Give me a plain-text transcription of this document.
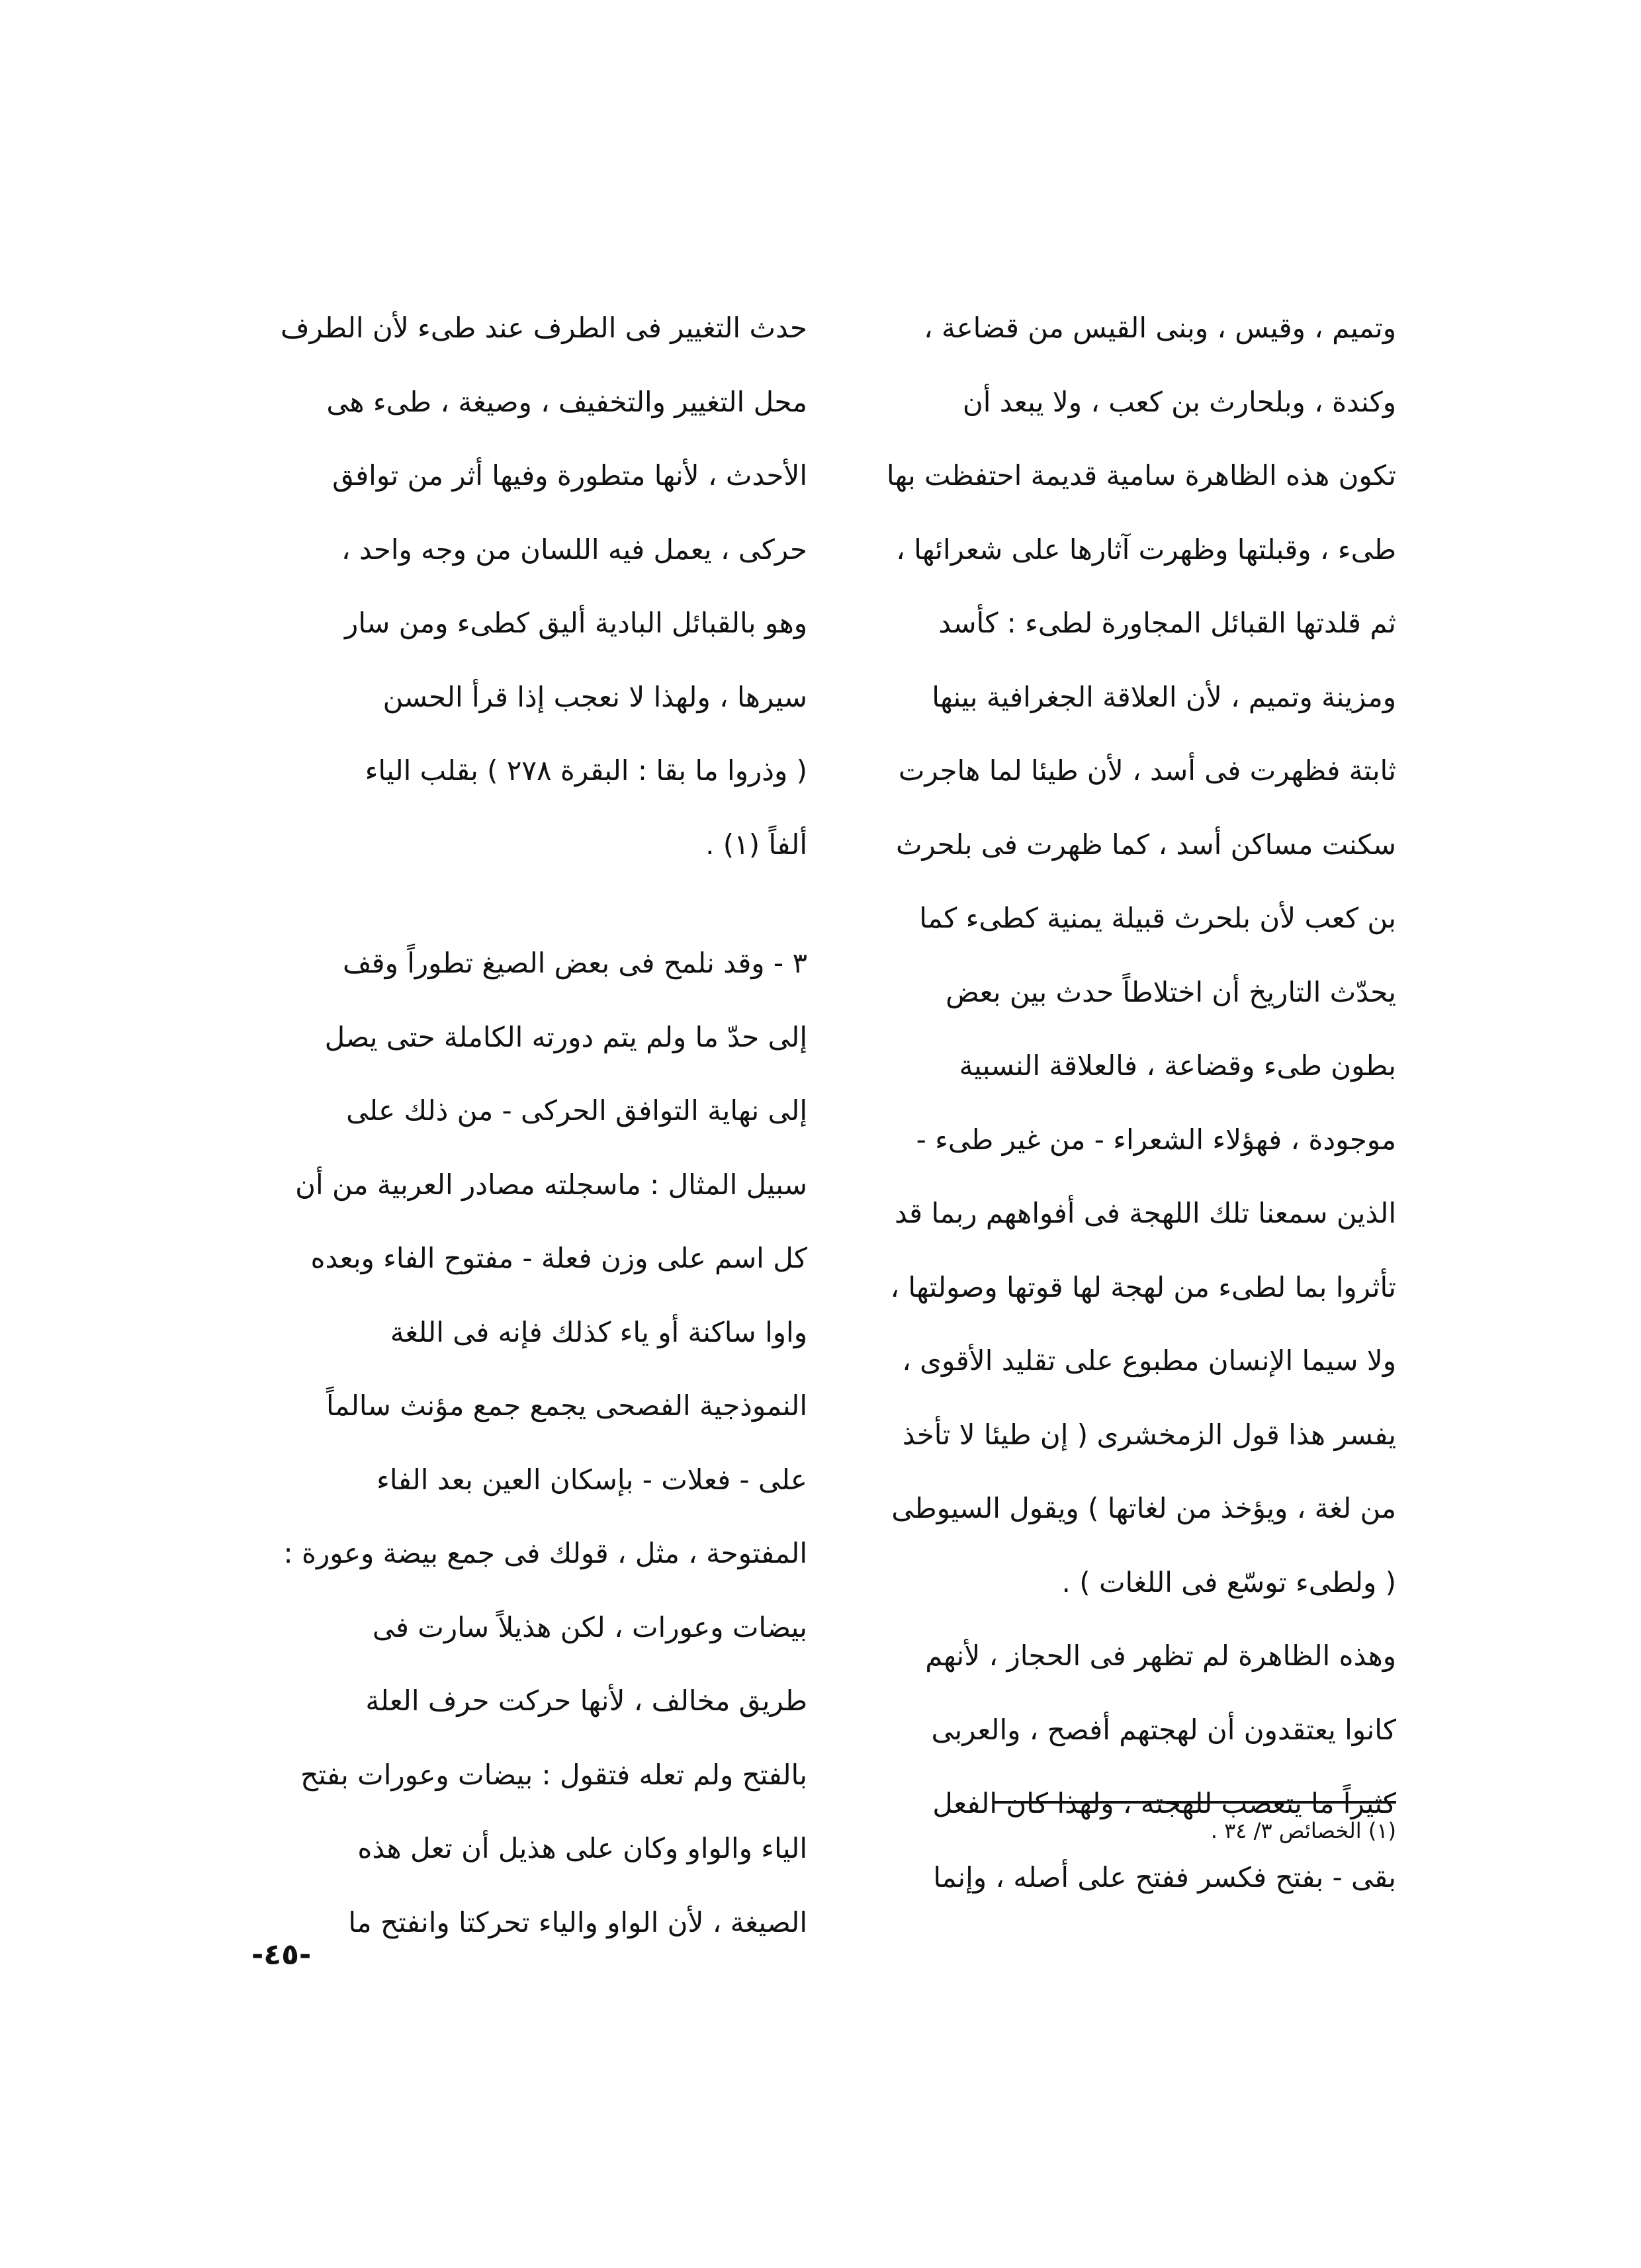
وتميم ، وقيس ، وبنى القيس من قضاعة ،
وكندة ، وبلحارث بن كعب ، ولا يبعد أن
تكون هذه الظاهرة سامية قديمة احتفظت بها
طىء ، وقبلتها وظهرت آثارها على شعرائها ،
ثم قلدتها القبائل المجاورة لطىء : كأسد
ومزينة وتميم ، لأن العلاقة الجغرافية بينها
ثابتة فظهرت فى أسد ، لأن طيئا لما هاجرت
سكنت مساكن أسد ، كما ظهرت فى بلحرث
بن كعب لأن بلحرث قبيلة يمنية كطىء كما
يحدّث التاريخ أن اختلاطاً حدث بين بعض
بطون طىء وقضاعة ، فالعلاقة النسبية
موجودة ، فهؤلاء الشعراء - من غير طىء -
الذين سمعنا تلك اللهجة فى أفواههم ربما قد
تأثروا بما لطىء من لهجة لها قوتها وصولتها ،
ولا سيما الإنسان مطبوع على تقليد الأقوى ،
يفسر هذا قول الزمخشرى ( إن طيئا لا تأخذ
من لغة ، ويؤخذ من لغاتها ) ويقول السيوطى
( ولطىء توسّع فى اللغات ) .
وهذه الظاهرة لم تظهر فى الحجاز ، لأنهم
كانوا يعتقدون أن لهجتهم أفصح ، والعربى
كثيراً ما يتعصب للهجته ، ولهذا كان الفعل
بقى - بفتح فكسر ففتح على أصله ، وإنما
حدث التغيير فى الطرف عند طىء لأن الطرف
محل التغيير والتخفيف ، وصيغة ، طىء هى
الأحدث ، لأنها متطورة وفيها أثر من توافق
حركى ، يعمل فيه اللسان من وجه واحد ،
وهو بالقبائل البادية أليق كطىء ومن سار
سيرها ، ولهذا لا نعجب إذا قرأ الحسن
( وذروا ما بقا : البقرة ٢٧٨ ) بقلب الياء
ألفاً (١) .
٣ - وقد نلمح فى بعض الصيغ تطوراً وقف
إلى حدّ ما ولم يتم دورته الكاملة حتى يصل
إلى نهاية التوافق الحركى - من ذلك على
سبيل المثال : ماسجلته مصادر العربية من أن
كل اسم على وزن فعلة - مفتوح الفاء وبعده
واوا ساكنة أو ياء كذلك فإنه فى اللغة
النموذجية الفصحى يجمع جمع مؤنث سالماً
على - فعلات - بإسكان العين بعد الفاء
المفتوحة ، مثل ، قولك فى جمع بيضة وعورة :
بيضات وعورات ، لكن هذيلاً سارت فى
طريق مخالف ، لأنها حركت حرف العلة
بالفتح ولم تعله فتقول : بيضات وعورات بفتح
الياء والواو وكان على هذيل أن تعل هذه
الصيغة ، لأن الواو والياء تحركتا وانفتح ما
(١) الخصائص ٣/ ٣٤ .
-٤٥-
